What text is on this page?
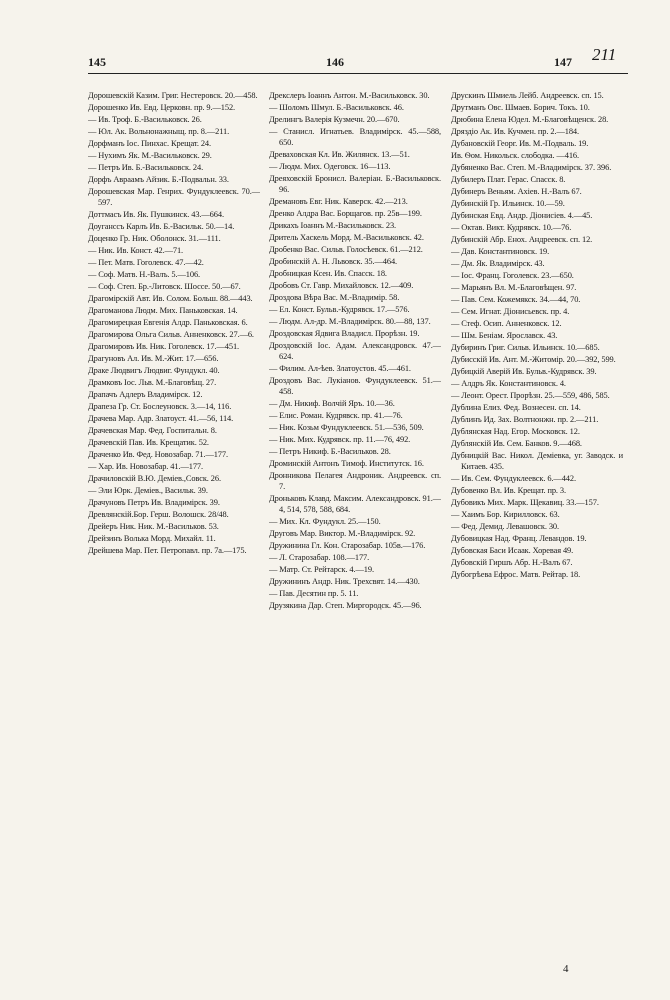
145	146	147 211
Дорошевскій Казим. Григ. Нестеровск. 20.—458.
Дорошенко Ив. Евд. Церковн. пр. 9.—152.
— Ив. Троф. Б.-Васильковск. 26.
— Юл. Ак. Вольнонажныщ. пр. 8.—211.
Дорфманъ Іос. Пинхас. Крещат. 24.
— Нухимъ Як. М.-Васильковск. 29.
— Петръ Ив. Б.-Васильковск. 24.
Дорфъ Авраамъ Айзик. Б.-Подвальн. 33.
Дорошевская Мар. Генрих. Фундуклеевск. 70.—597.
Доттмасъ Ив. Як. Пушкинск. 43.—664.
Доуганссъ Карлъ Ив. Б.-Васильк. 50.—14.
Доценко Гр. Ник. Оболонск. 31.—111.
— Ник. Ив. Конст. 42.—71.
— Пет. Матв. Гоголевск. 47.—42.
— Соф. Матв. Н.-Валъ. 5.—106.
— Соф. Степ. Бр.-Литовск. Шоссе. 50.—67.
Драгомірскій Авт. Ив. Солом. Больш. 88.—443.
Драгоманова Людм. Мих. Паньковская. 14.
Драгомирецкая Евгенія Алдр. Паньковская. 6.
Драгомирова Ольга Сильв. Анненковск. 27.—6.
Драгомировъ Ив. Ник. Гоголевск. 17.—451.
Драгуновъ Ал. Ив. М.-Жит. 17.—656.
Драке Людвигъ Людвиг. Фундукл. 40.
Драмковъ Іос. Льв. М.-Благовѣщ. 27.
Драпачъ Адлеръ Владимірск. 12.
Драпеза Гр. Ст. Бослеуновск. 3.—14, 116.
Драчева Мар. Адр. Златоуст. 41.—56, 114.
Драчевская Мар. Фед. Госпитальн. 8.
Драчевскій Пав. Ив. Крещатик. 52.
Драченко Ив. Фед. Новозабар. 71.—177.
— Хар. Ив. Новозабар. 41.—177.
Драчиловскій В.Ю. Деміев.,Совск. 26.
— Эли Юрк. Деміев., Васильк. 39.
Драчуновъ Петръ Ив. Владимірск. 39.
Древлянскій.Бор. Герш. Волошск. 28/48.
Дрейеръ Ник. Ник. М.-Васильков. 53.
Дрейзинъ Волька Морд. Михайл. 11.
Дрейшева Мар. Пет. Петропавл. пр. 7а.—175.
Дрекслеръ Іоаннъ Антон. М.-Васильковск. 30.
— Шоломъ Шмул. Б.-Васильковск. 46.
Дрелингъ Валерія Кузмечн. 20.—670.
— Станисл. Игнатьев. Владимірск. 45.—588, 650.
Древаховская Кл. Ив. Жилянск. 13.—51.
— Людм. Мих. Одеговск. 16—113.
Дреяховскій Бронисл. Валеріан. Б.-Васильковск. 96.
Дремановъ Евг. Ник. Каверск. 42.—213.
Дренко Алдра Вас. Борщагов. пр. 25в—199.
Дрикахъ Іоаннъ М.-Васильковск. 23.
Дритель Хаскель Морд. М.-Васильковск. 42.
Дробенко Вас. Сильв. Голосѣевск. 61.—212.
Дробинскій А. Н. Львовск. 35.—464.
Дробницкая Ксен. Ив. Спасск. 18.
Дробовъ Ст. Гавр. Михайловск. 12.—409.
Дроздова Вѣра Вас. М.-Владимір. 58.
— Ел. Конст. Бульв.-Кудрявск. 17.—576.
— Людм. Ал-др. М.-Владимірск. 80.—88, 137.
Дроздовская Ядвига Владисл. Прорѣзн. 19.
Дроздовскій Іос. Адам. Александровск. 47.—624.
— Филим. Ал-ѣев. Златоустов. 45.—461.
Дроздовъ Вас. Лукіанов. Фундуклеевск. 51.—458.
— Дм. Никиф. Волчій Яръ. 10.—36.
— Елис. Роман. Кудрявск. пр. 41.—76.
— Ник. Козьм Фундуклеевск. 51.—536, 509.
— Ник. Мих. Кудрявск. пр. 11.—76, 492.
— Петръ Никиф. Б.-Васильков. 28.
Дроминскій Антонъ Тимоф. Институтск. 16.
Дронникова Пелагея Андроник. Андреевск. сп. 7.
Дроньковъ Клавд. Максим. Александровск. 91.—4, 514, 578, 588, 684.
— Мих. Кл. Фундукл. 25.—150.
Друговъ Мар. Виктор. М.-Владимірск. 92.
Дружинина Гл. Кон. Старозабар. 105в.—176.
— Л. Старозабар. 108.—177.
— Матр. Ст. Рейтарск. 4.—19.
Дружининъ Андр. Ник. Трехсвят. 14.—430.
— Пав. Десятин пр. 5. 11.
Друзякина Дар. Степ. Миргородск. 45.—96.
Друскинъ Шмиель Лейб. Андреевск. сп. 15.
Друтманъ Овс. Шмаев. Борич. Токъ. 10.
Дрюбина Елена Юдел. М.-Благовѣщенск. 28.
Дряздіо Ак. Ив. Кучмен. пр. 2.—184.
Дубановскій Георг. Ив. М.-Подваль. 19.
Ив. Ѳом. Никольск. слободка. —416.
Дубяненко Вас. Степ. М.-Владимірск. 37. 396.
Дубилеръ Плат. Герас. Спасск. 8.
Дубинеръ Веньям. Ахіев. Н.-Валъ 67.
Дубинскій Гр. Ильинск. 10.—59.
Дубинская Евд. Андр. Діонисіев. 4.—45.
— Октав. Викт. Кудрявск. 10.—76.
Дубинскій Абр. Енох. Андреевск. сп. 12.
— Дав. Константиновск. 19.
— Дм. Як. Владимірск. 43.
— Іос. Франц. Гоголевск. 23.—650.
— Марьянъ Вл. М.-Благовѣщен. 97.
— Пав. Сем. Кожемякск. 34.—44, 70.
— Сем. Игнат. Діонисьевск. пр. 4.
— Стеф. Осип. Анненковск. 12.
— Шм. Беніам. Ярославск. 43.
Дубиринъ Григ. Сильв. Ильинск. 10.—685.
Дубисскій Ив. Ант. М.-Житомір. 20.—392, 599.
Дубицкій Аверій Ив. Бульв.-Кудрявск. 39.
— Алдръ Як. Константиновск. 4.
— Леонт. Орест. Прорѣзн. 25.—559, 486, 585.
Дублина Елиз. Фед. Вознесен. сп. 14.
Дублинъ Ид. Зах. Волтнонжн. пр. 2.—211.
Дублянская Над. Егор. Московск. 12.
Дублянскій Ив. Сем. Банков. 9.—468.
Дубницкій Вас. Никол. Деміевка, уг. Заводск. и Китаев. 435.
— Ив. Сем. Фундуклеевск. 6.—442.
Дубовенко Вл. Ив. Крещат. пр. 3.
Дубовикъ Мих. Марк. Щекавиц. 33.—157.
— Хаимъ Бор. Кирилловск. 63.
— Фед. Демид. Левашовск. 30.
Дубовицкая Над. Франц. Левандов. 19.
Дубовская Баси Исаак. Хоревая 49.
Дубовскій Гиршъ Абр. Н.-Валъ 67.
Дубогрѣева Ефрос. Матв. Рейтар. 18.
4
